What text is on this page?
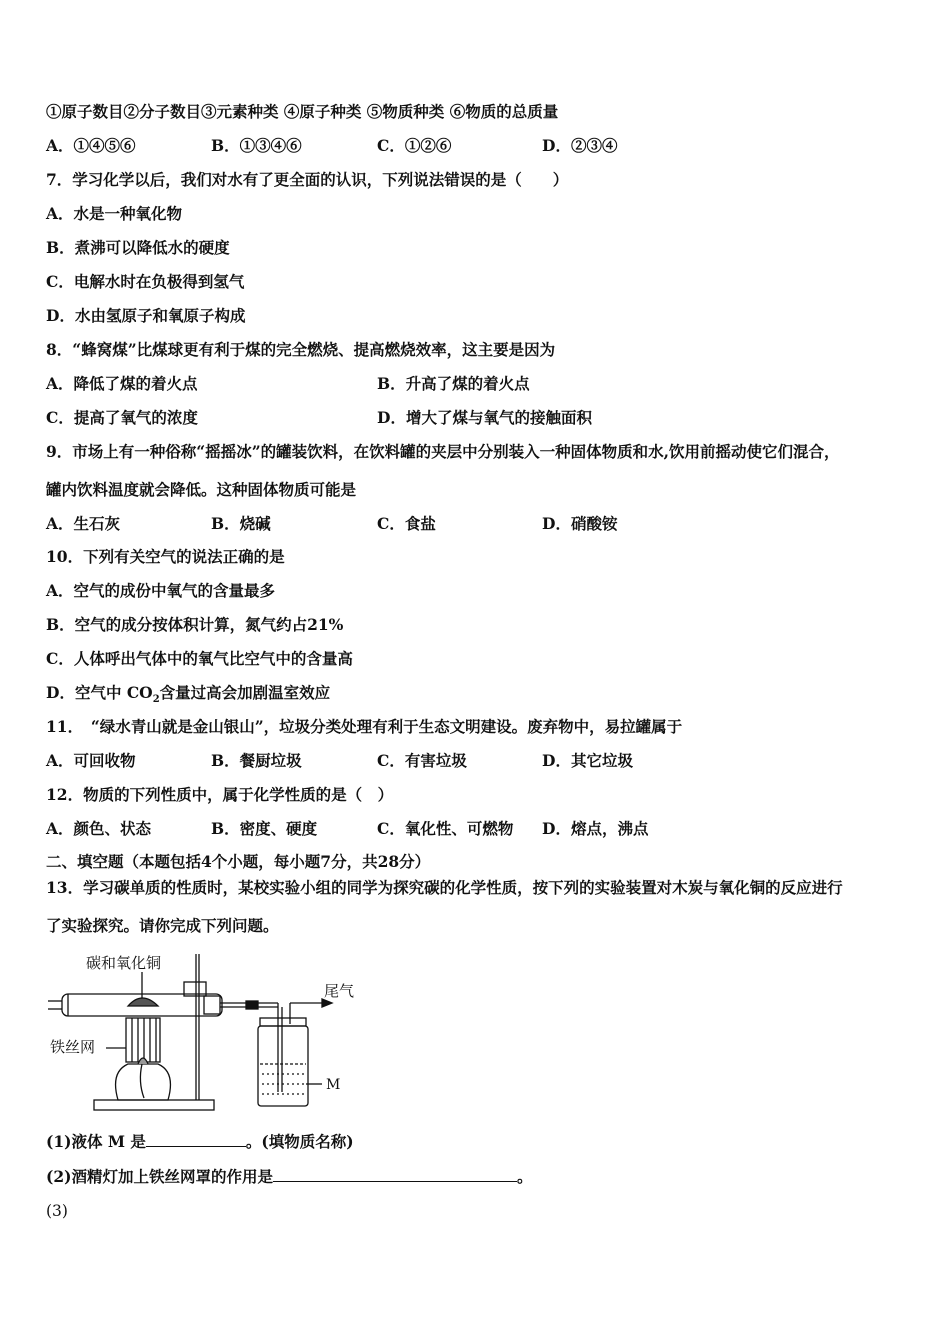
①原子数目②分子数目③元素种类 ④原子种类 ⑤物质种类 ⑥物质的总质量
A．①④⑤⑥	B．①③④⑥	C．①②⑥	D．②③④
7．学习化学以后，我们对水有了更全面的认识，下列说法错误的是（　　）
A．水是一种氧化物
B．煮沸可以降低水的硬度
C．电解水时在负极得到氢气
D．水由氢原子和氧原子构成
8．“蜂窝煤”比煤球更有利于煤的完全燃烧、提高燃烧效率，这主要是因为
A．降低了煤的着火点	B．升高了煤的着火点
C．提高了氧气的浓度	D．增大了煤与氧气的接触面积
9．市场上有一种俗称“摇摇冰”的罐装饮料，在饮料罐的夹层中分别装入一种固体物质和水,饮用前摇动使它们混合，
罐内饮料温度就会降低。这种固体物质可能是
A．生石灰	B．烧碱	C．食盐	D．硝酸铵
10．下列有关空气的说法正确的是
A．空气的成份中氧气的含量最多
B．空气的成分按体积计算，氮气约占21%
C．人体呼出气体中的氧气比空气中的含量高
D．空气中 $CO_2$含量过高会加剧温室效应
11．　“绿水青山就是金山银山”，垃圾分类处理有利于生态文明建设。废弃物中，易拉罐属于
A．可回收物	B．餐厨垃圾	C．有害垃圾	D．其它垃圾
12．物质的下列性质中，属于化学性质的是（　）
A．颜色、状态	B．密度、硬度	C．氧化性、可燃物 D．熔点，沸点
二、填空题（本题包括4个小题，每小题7分，共28分）
13．学习碳单质的性质时，某校实验小组的同学为探究碳的化学性质，按下列的实验装置对木炭与氧化铜的反应进行
了实验探究。请你完成下列问题。
碳和氧化铜
铁丝网
尾气
M
(1)液体 M 是	。(填物质名称)
(2)酒精灯加上铁丝网罩的作用是	。
(3)
